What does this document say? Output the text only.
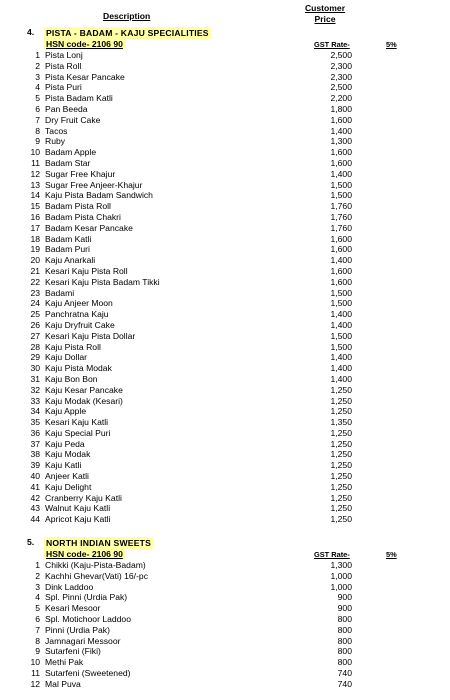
Description
Customer
Price
4. PISTA - BADAM - KAJU SPECIALITIES
HSN code- 2106 90	GST Rate-	5%
1 Pista Lonj	2,500
2 Pista Roll	2,300
3 Pista Kesar Pancake	2,300
4 Pista Puri	2,500
5 Pista Badam Katli	2,200
6 Pan Beeda	1,800
7 Dry Fruit Cake	1,600
8 Tacos	1,400
9 Ruby	1,300
10 Badam Apple	1,600
11 Badam Star	1,600
12 Sugar Free Khajur	1,400
13 Sugar Free Anjeer-Khajur	1,500
14 Kaju Pista Badam Sandwich	1,500
15 Badam Pista Roll	1,760
16 Badam Pista Chakri	1,760
17 Badam Kesar Pancake	1,760
18 Badam Katli	1,600
19 Badam Puri	1,600
20 Kaju Anarkali	1,400
21 Kesari Kaju Pista Roll	1,600
22 Kesari Kaju Pista Badam Tikki	1,600
23 Badami	1,500
24 Kaju Anjeer Moon	1,500
25 Panchratna Kaju	1,400
26 Kaju Dryfruit Cake	1,400
27 Kesari Kaju Pista Dollar	1,500
28 Kaju Pista Roll	1,500
29 Kaju Dollar	1,400
30 Kaju Pista Modak	1,400
31 Kaju Bon Bon	1,400
32 Kaju Kesar Pancake	1,250
33 Kaju Modak (Kesari)	1,250
34 Kaju Apple	1,250
35 Kesari Kaju Katli	1,350
36 Kaju Special Puri	1,250
37 Kaju Peda	1,250
38 Kaju Modak	1,250
39 Kaju Katli	1,250
40 Anjeer Katli	1,250
41 Kaju Delight	1,250
42 Cranberry Kaju Katli	1,250
43 Walnut Kaju Katli	1,250
44 Apricot Kaju Katli	1,250
5. NORTH INDIAN SWEETS
HSN code- 2106 90	GST Rate-	5%
1 Chikki (Kaju-Pista-Badam)	1,300
2 Kachhi Ghevar(Vati) 16/-pc	1,000
3 Dink Laddoo	1,000
4 Spl. Pinni (Urdia Pak)	900
5 Kesari Mesoor	900
6 Spl. Motichoor Laddoo	800
7 Pinni (Urdia Pak)	800
8 Jamnagari Messoor	800
9 Sutarfeni (Fiki)	800
10 Methi Pak	800
11 Sutarfeni (Sweetened)	740
12 Mal Puva	740
